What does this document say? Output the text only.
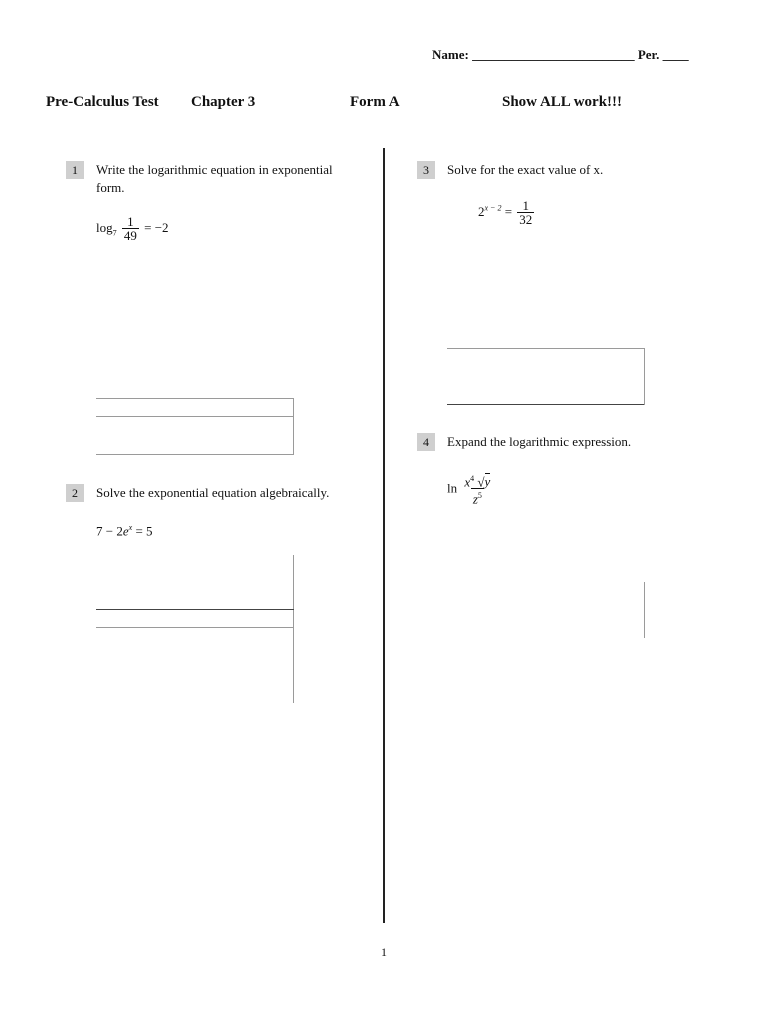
Name: _________________________ Per. ____
Pre-Calculus Test Chapter 3	Form A	Show ALL work!!!
1	Write the logarithmic equation in exponential
form.
$\log_7 \frac{1}{49} = -2$
2	Solve the exponential equation algebraically.
$7 - 2e^x = 5$
3	Solve for the exact value of x.
$2^{x - 2} = \frac{1}{32}$
4	Expand the logarithmic expression.
$\ln \frac{x^4 √y}{z^5}$
1
